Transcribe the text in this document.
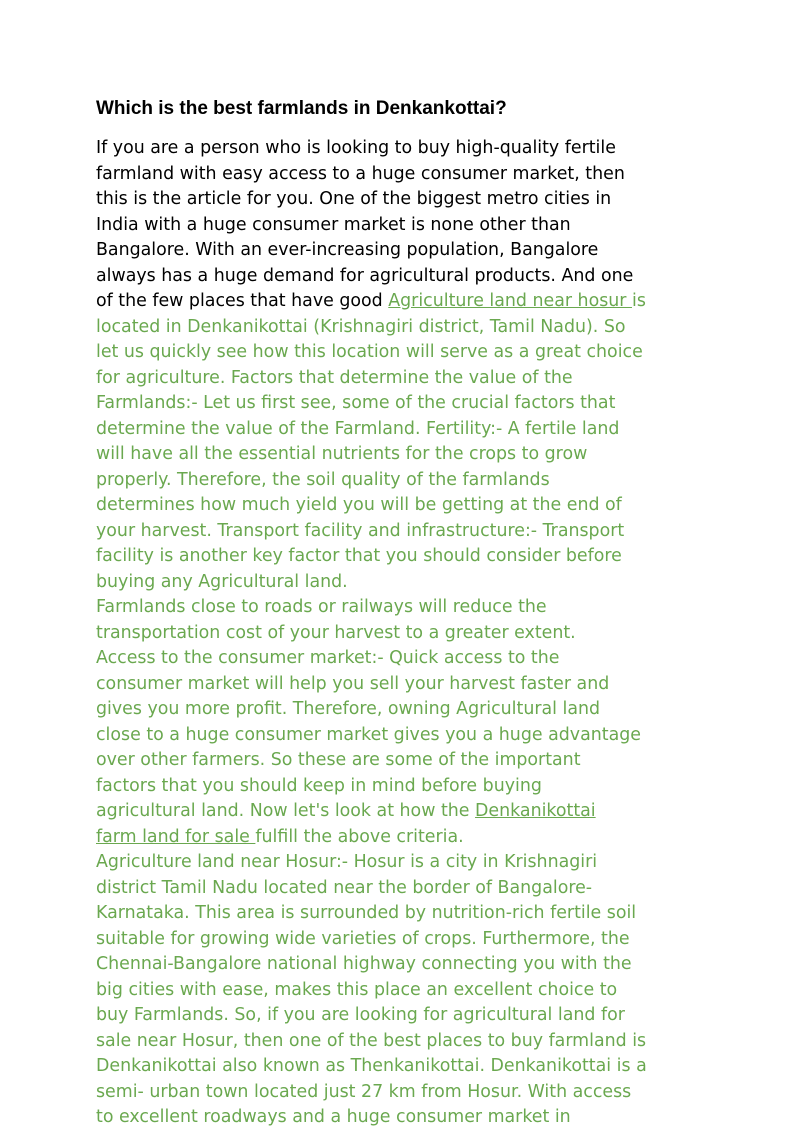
Which is the best farmlands in Denkankottai?

If you are a person who is looking to buy high-quality fertile

farmland with easy access to a huge consumer market, then

this is the article for you. One of the biggest metro cities in

India with a huge consumer market is none other than

Bangalore. With an ever-increasing population, Bangalore

always has a huge demand for agricultural products. And one

of the few places that have good Agriculture land near hosur is

located in Denkanikottai (Krishnagiri district, Tamil Nadu). So

let us quickly see how this location will serve as a great choice

for agriculture. Factors that determine the value of the

Farmlands:- Let us first see, some of the crucial factors that

determine the value of the Farmland. Fertility:- A fertile land

will have all the essential nutrients for the crops to grow

properly. Therefore, the soil quality of the farmlands

determines how much yield you will be getting at the end of

your harvest. Transport facility and infrastructure:- Transport

facility is another key factor that you should consider before

buying any Agricultural land.

Farmlands close to roads or railways will reduce the

transportation cost of your harvest to a greater extent.

Access to the consumer market:- Quick access to the

consumer market will help you sell your harvest faster and

gives you more profit. Therefore, owning Agricultural land

close to a huge consumer market gives you a huge advantage

over other farmers. So these are some of the important

factors that you should keep in mind before buying

agricultural land. Now let's look at how the Denkanikottai

farm land for sale fulfill the above criteria.

Agriculture land near Hosur:- Hosur is a city in Krishnagiri

district Tamil Nadu located near the border of Bangalore-

Karnataka. This area is surrounded by nutrition-rich fertile soil

suitable for growing wide varieties of crops. Furthermore, the

Chennai-Bangalore national highway connecting you with the

big cities with ease, makes this place an excellent choice to

buy Farmlands. So, if you are looking for agricultural land for

sale near Hosur, then one of the best places to buy farmland is

Denkanikottai also known as Thenkanikottai. Denkanikottai is a

semi- urban town located just 27 km from Hosur. With access

to excellent roadways and a huge consumer market in
